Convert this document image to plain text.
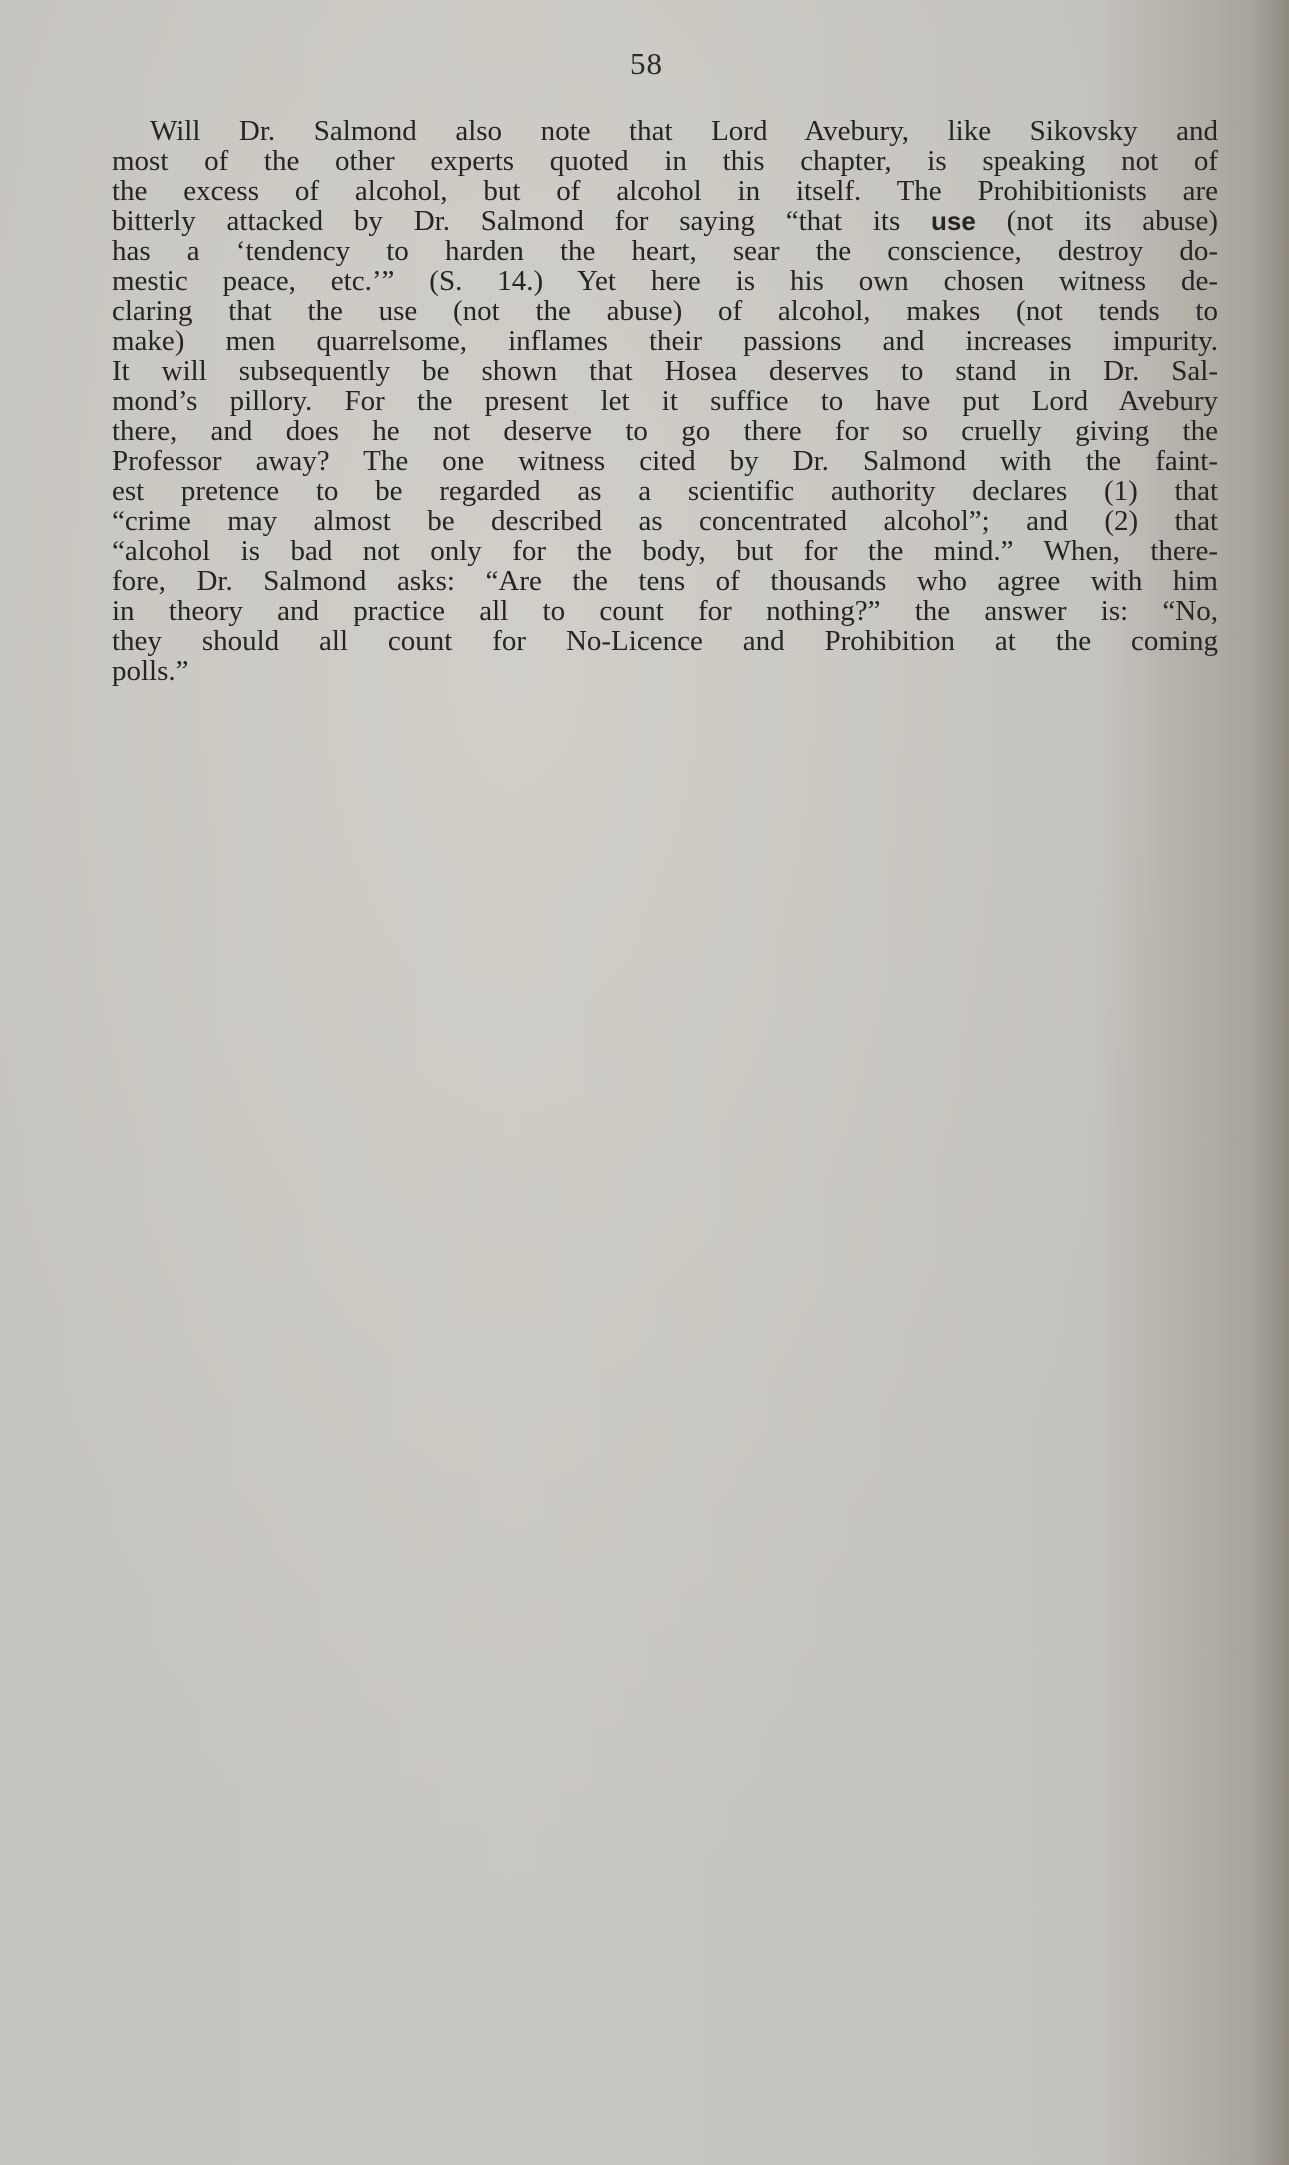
58
Will Dr. Salmond also note that Lord Avebury, like Sikovsky and
most of the other experts quoted in this chapter, is speaking not of
the excess of alcohol, but of alcohol in itself. The Prohibitionists are
bitterly attacked by Dr. Salmond for saying “that its use (not its abuse)
has a ‘tendency to harden the heart, sear the conscience, destroy do-
mestic peace, etc.’” (S. 14.) Yet here is his own chosen witness de-
claring that the use (not the abuse) of alcohol, makes (not tends to
make) men quarrelsome, inflames their passions and increases impurity.
It will subsequently be shown that Hosea deserves to stand in Dr. Sal-
mond’s pillory. For the present let it suffice to have put Lord Avebury
there, and does he not deserve to go there for so cruelly giving the
Professor away? The one witness cited by Dr. Salmond with the faint-
est pretence to be regarded as a scientific authority declares (1) that
“crime may almost be described as concentrated alcohol”; and (2) that
“alcohol is bad not only for the body, but for the mind.” When, there-
fore, Dr. Salmond asks: “Are the tens of thousands who agree with him
in theory and practice all to count for nothing?” the answer is: “No,
they should all count for No-Licence and Prohibition at the coming
polls.”
